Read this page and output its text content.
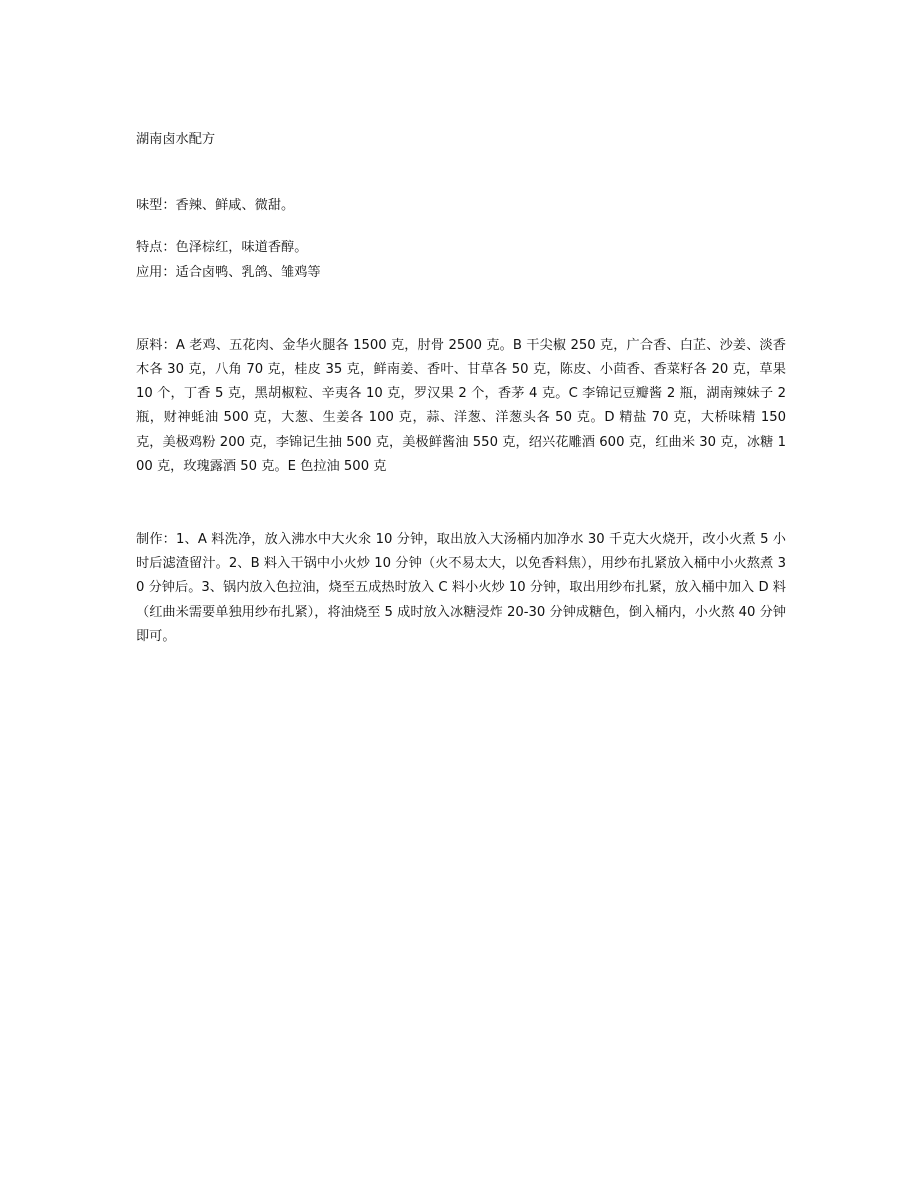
湖南卤水配方

味型：香辣、鲜咸、微甜。

特点：色泽棕红，味道香醇。

应用：适合卤鸭、乳鸽、雏鸡等

原料：A 老鸡、五花肉、金华火腿各 1500 克，肘骨 2500 克。B 干尖椒 250 克，广合香、白芷、沙姜、淡香木各 30 克，八角 70 克，桂皮 35 克，鲜南姜、香叶、甘草各 50 克，陈皮、小茴香、香菜籽各 20 克，草果 10 个，丁香 5 克，黑胡椒粒、辛夷各 10 克，罗汉果 2 个，香茅 4 克。C 李锦记豆瓣酱 2 瓶，湖南辣妹子 2 瓶，财神蚝油 500 克，大葱、生姜各 100 克，蒜、洋葱、洋葱头各 50 克。D 精盐 70 克，大桥味精 150 克，美极鸡粉 200 克，李锦记生抽 500 克，美极鲜酱油 550 克，绍兴花雕酒 600 克，红曲米 30 克，冰糖 100 克，玫瑰露酒 50 克。E 色拉油 500 克

制作：1、A 料洗净，放入沸水中大火氽 10 分钟，取出放入大汤桶内加净水 30 千克大火烧开，改小火煮 5 小时后滤渣留汁。2、B 料入干锅中小火炒 10 分钟（火不易太大，以免香料焦），用纱布扎紧放入桶中小火熬煮 30 分钟后。3、锅内放入色拉油，烧至五成热时放入 C 料小火炒 10 分钟，取出用纱布扎紧，放入桶中加入 D 料（红曲米需要单独用纱布扎紧），将油烧至 5 成时放入冰糖浸炸 20-30 分钟成糖色，倒入桶内，小火熬 40 分钟即可。
